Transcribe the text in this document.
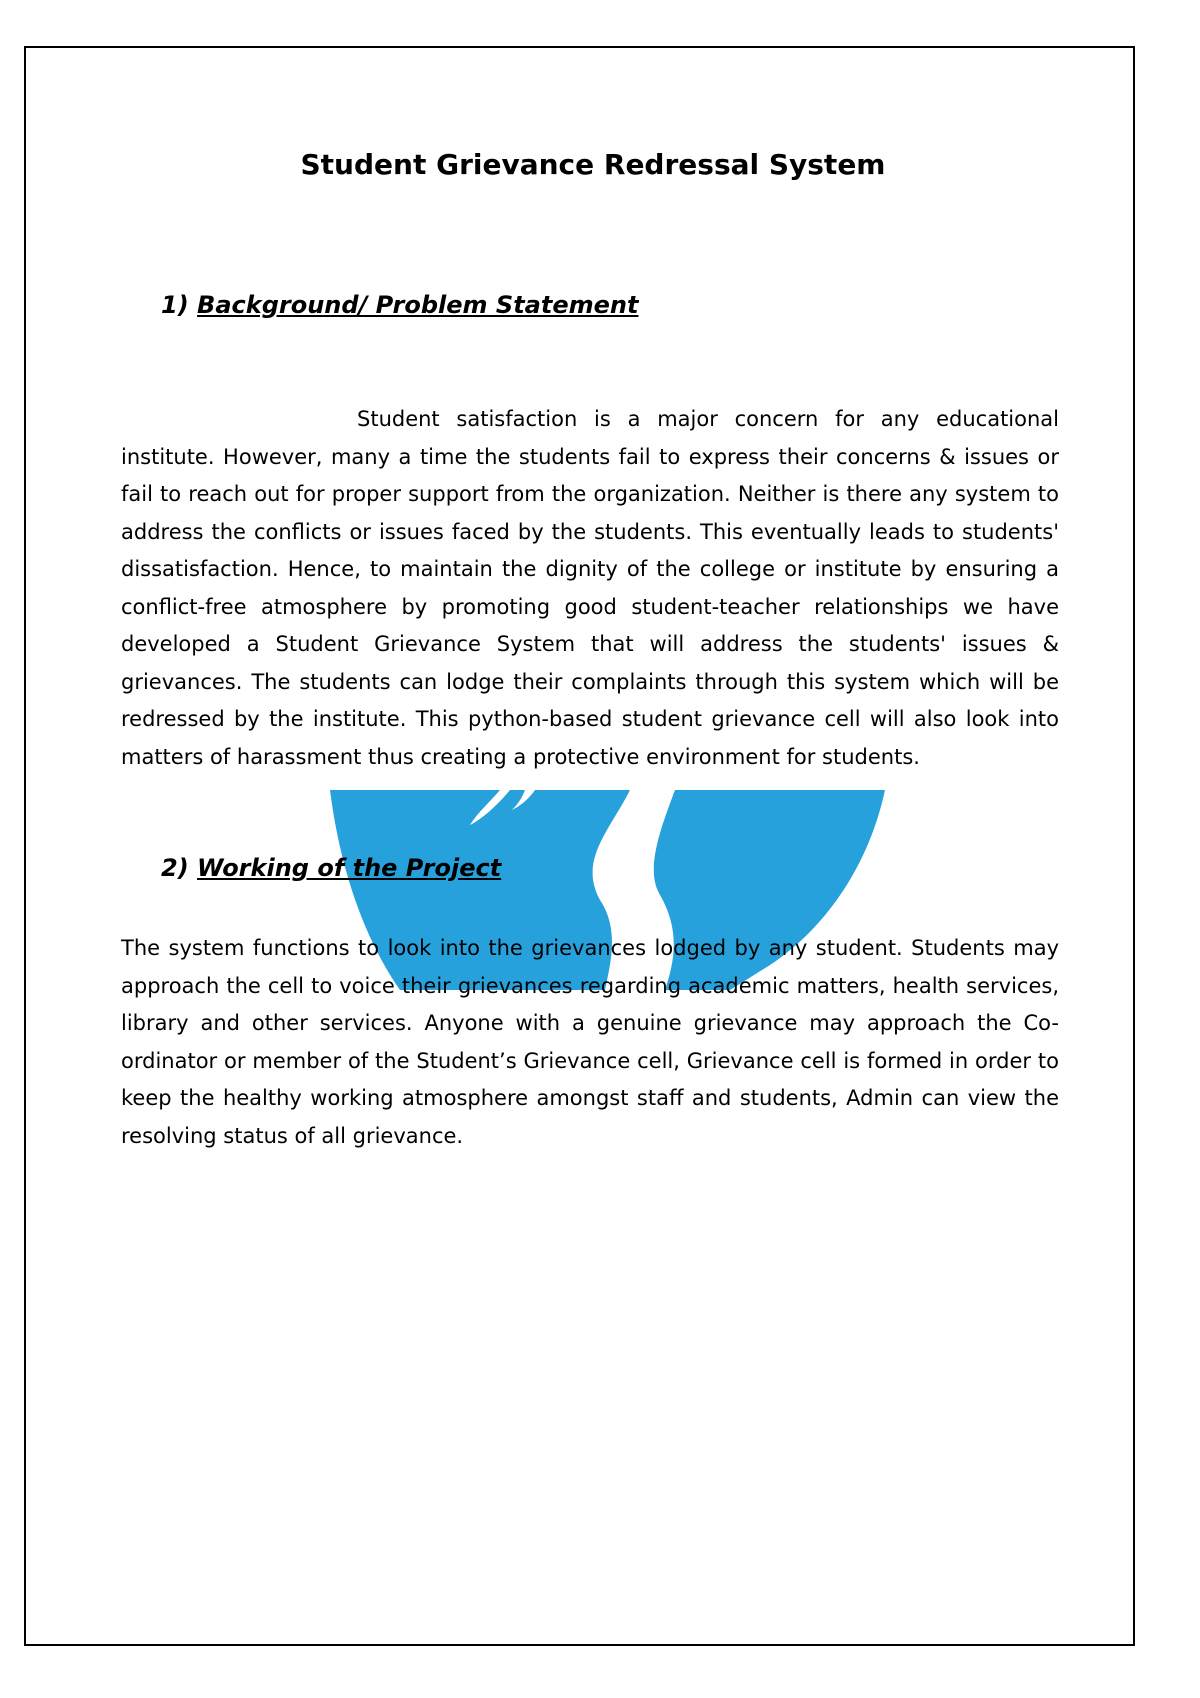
Student Grievance Redressal System
1) Background/ Problem Statement

Student satisfaction is a major concern for any educational institute. However, many a time the students fail to express their concerns & issues or fail to reach out for proper support from the organization. Neither is there any system to address the conflicts or issues faced by the students. This eventually leads to students' dissatisfaction. Hence, to maintain the dignity of the college or institute by ensuring a conflict-free atmosphere by promoting good student-teacher relationships we have developed a Student Grievance System that will address the students' issues & grievances. The students can lodge their complaints through this system which will be redressed by the institute. This python-based student grievance cell will also look into matters of harassment thus creating a protective environment for students.

2) Working of the Project

The system functions to look into the grievances lodged by any student. Students may approach the cell to voice their grievances regarding academic matters, health services, library and other services. Anyone with a genuine grievance may approach the Co-ordinator or member of the Student’s Grievance cell, Grievance cell is formed in order to keep the healthy working atmosphere amongst staff and students, Admin can view the resolving status of all grievance.
